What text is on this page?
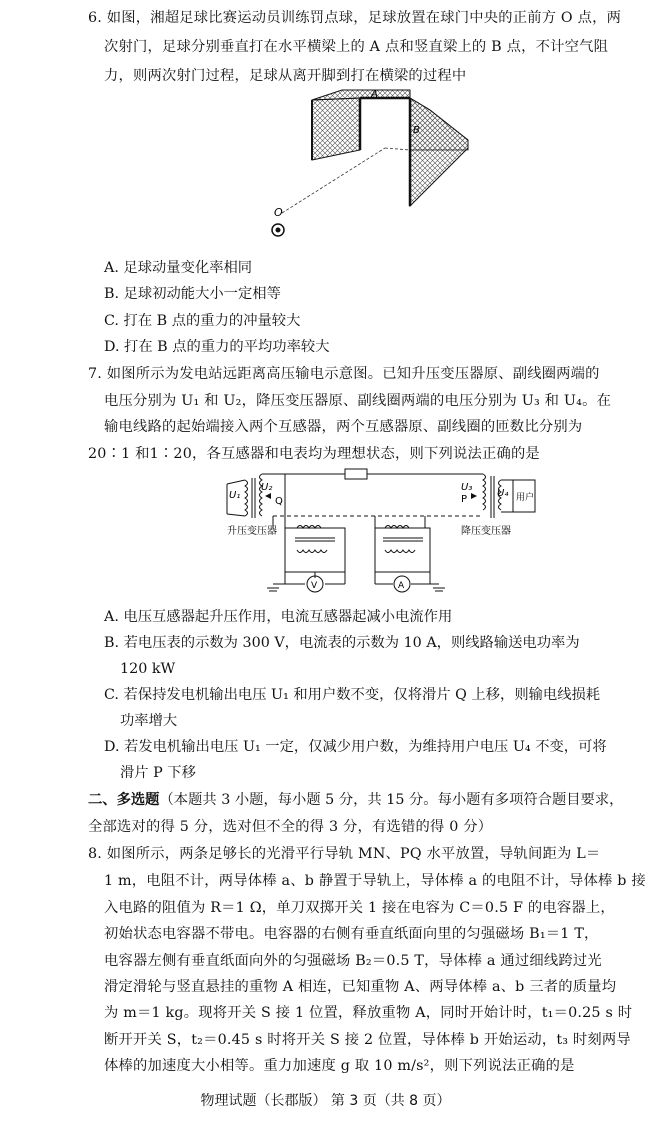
6. 如图，湘超足球比赛运动员训练罚点球，足球放置在球门中央的正前方 O 点，两
次射门，足球分别垂直打在水平横梁上的 A 点和竖直梁上的 B 点，不计空气阻
力，则两次射门过程，足球从离开脚到打在横梁的过程中
A
B
O
A. 足球动量变化率相同
B. 足球初动能大小一定相等
C. 打在 B 点的重力的冲量较大
D. 打在 B 点的重力的平均功率较大
7. 如图所示为发电站远距离高压输电示意图。已知升压变压器原、副线圈两端的
电压分别为 U₁ 和 U₂，降压变压器原、副线圈两端的电压分别为 U₃ 和 U₄。在
输电线路的起始端接入两个互感器，两个互感器原、副线圈的匝数比分别为
20∶1 和1∶20，各互感器和电表均为理想状态，则下列说法正确的是
U₁
U₂
Q
U₃
P
U₄ 用户
升压变压器	降压变压器
V	A
A. 电压互感器起升压作用，电流互感器起减小电流作用
B. 若电压表的示数为 300 V，电流表的示数为 10 A，则线路输送电功率为
120 kW
C. 若保持发电机输出电压 U₁ 和用户数不变，仅将滑片 Q 上移，则输电线损耗
功率增大
D. 若发电机输出电压 U₁ 一定，仅减少用户数，为维持用户电压 U₄ 不变，可将
滑片 P 下移
二、多选题（本题共 3 小题，每小题 5 分，共 15 分。每小题有多项符合题目要求，
全部选对的得 5 分，选对但不全的得 3 分，有选错的得 0 分）
8. 如图所示，两条足够长的光滑平行导轨 MN、PQ 水平放置，导轨间距为 L＝
1 m，电阻不计，两导体棒 a、b 静置于导轨上，导体棒 a 的电阻不计，导体棒 b 接
入电路的阻值为 R＝1 Ω，单刀双掷开关 1 接在电容为 C＝0.5 F 的电容器上，
初始状态电容器不带电。电容器的右侧有垂直纸面向里的匀强磁场 B₁＝1 T，
电容器左侧有垂直纸面向外的匀强磁场 B₂＝0.5 T，导体棒 a 通过细线跨过光
滑定滑轮与竖直悬挂的重物 A 相连，已知重物 A、两导体棒 a、b 三者的质量均
为 m＝1 kg。现将开关 S 接 1 位置，释放重物 A，同时开始计时，t₁＝0.25 s 时
断开开关 S，t₂＝0.45 s 时将开关 S 接 2 位置，导体棒 b 开始运动，t₃ 时刻两导
体棒的加速度大小相等。重力加速度 g 取 10 m/s²，则下列说法正确的是
物理试题（长郡版） 第 3 页（共 8 页）
